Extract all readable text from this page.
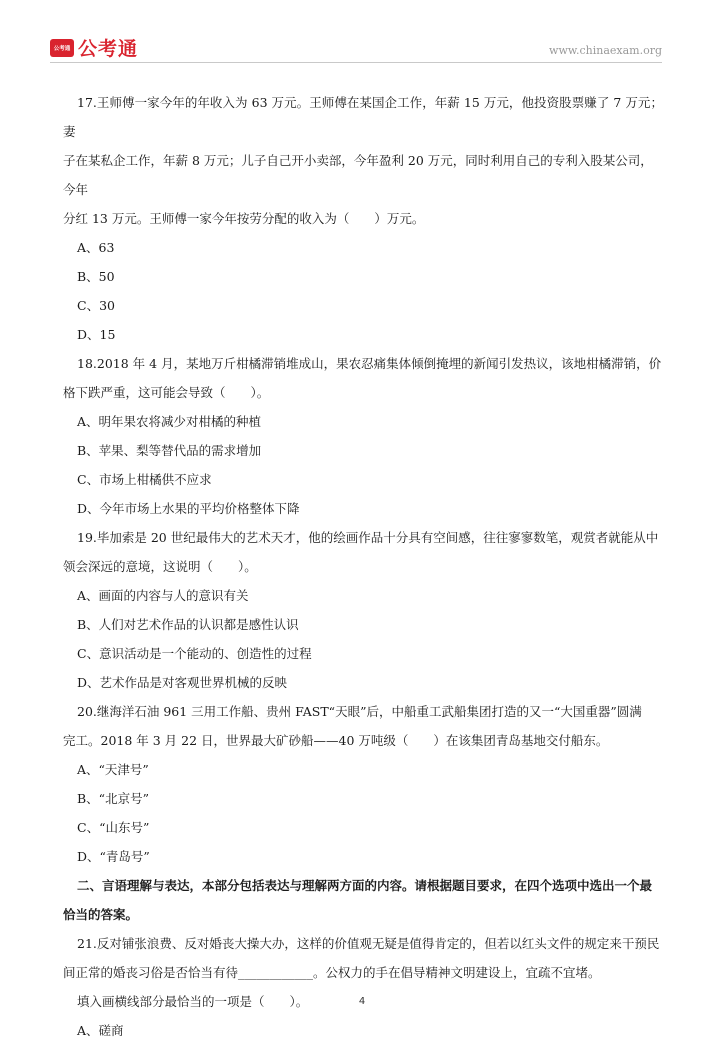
公考通 公考通	www.chinaexam.org

17.王师傅一家今年的年收入为 63 万元。王师傅在某国企工作，年薪 15 万元，他投资股票赚了 7 万元；妻

子在某私企工作，年薪 8 万元；儿子自己开小卖部，今年盈利 20 万元，同时利用自己的专利入股某公司，今年

分红 13 万元。王师傅一家今年按劳分配的收入为（　　）万元。

A、63

B、50

C、30

D、15

18.2018 年 4 月，某地万斤柑橘滞销堆成山，果农忍痛集体倾倒掩埋的新闻引发热议，该地柑橘滞销，价

格下跌严重，这可能会导致（　　）。

A、明年果农将减少对柑橘的种植

B、苹果、梨等替代品的需求增加

C、市场上柑橘供不应求

D、今年市场上水果的平均价格整体下降

19.毕加索是 20 世纪最伟大的艺术天才，他的绘画作品十分具有空间感，往往寥寥数笔，观赏者就能从中

领会深远的意境，这说明（　　）。

A、画面的内容与人的意识有关

B、人们对艺术作品的认识都是感性认识

C、意识活动是一个能动的、创造性的过程

D、艺术作品是对客观世界机械的反映

20.继海洋石油 961 三用工作船、贵州 FAST“天眼”后，中船重工武船集团打造的又一“大国重器”圆满

完工。2018 年 3 月 22 日，世界最大矿砂船——40 万吨级（　　）在该集团青岛基地交付船东。

A、“天津号”

B、“北京号”

C、“山东号”

D、“青岛号”

二、言语理解与表达，本部分包括表达与理解两方面的内容。请根据题目要求，在四个选项中选出一个最

恰当的答案。

21.反对铺张浪费、反对婚丧大操大办，这样的价值观无疑是值得肯定的，但若以红头文件的规定来干预民

间正常的婚丧习俗是否恰当有待____________。公权力的手在倡导精神文明建设上，宜疏不宜堵。

填入画横线部分最恰当的一项是（　　）。

A、磋商

4
